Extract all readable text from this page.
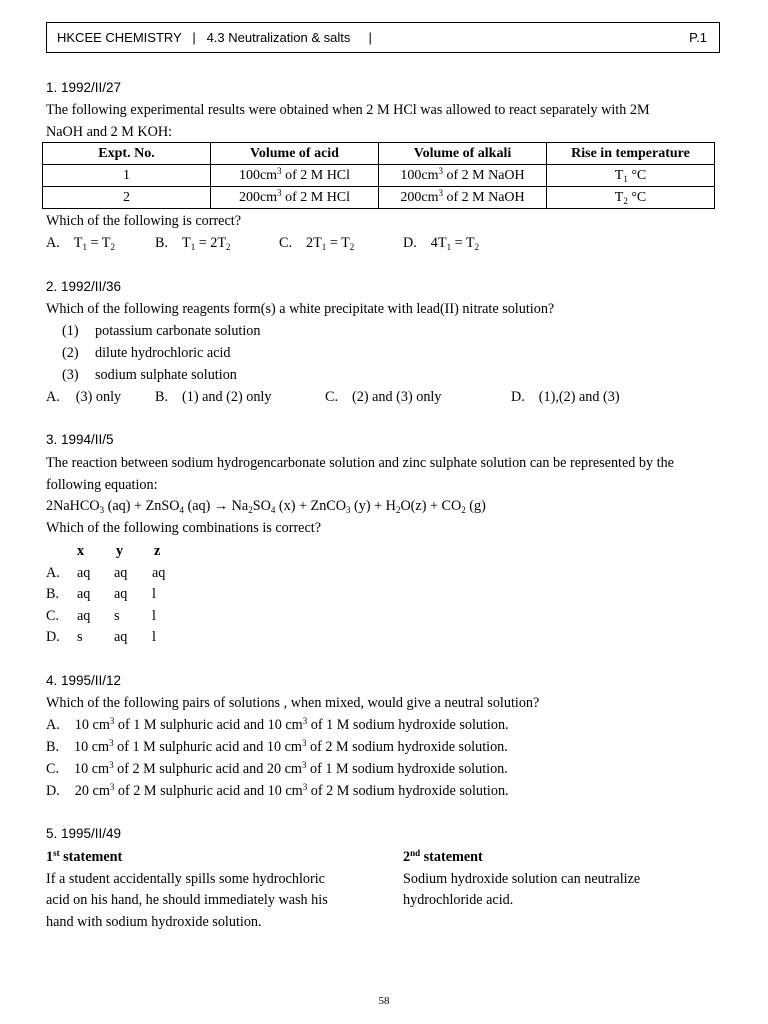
HKCEE CHEMISTRY | 4.3 Neutralization & salts |	P.1
1. 1992/II/27
The following experimental results were obtained when 2 M HCl was allowed to react separately with 2M
NaOH and 2 M KOH:
Expt. No.	Volume of acid	Volume of alkali	Rise in temperature
1	$100cm^3$ of 2 M HCl	$100cm^3$ of 2 M NaOH	$T_1$ °C
2	$200cm^3$ of 2 M HCl	$200cm^3$ of 2 M NaOH	$T_2$ °C
Which of the following is correct?
A. $T_1 = T_2$	B. $T_1 = 2T_2$	C. $2T_1 = T_2$	D. $4T_1 = T_2$
2. 1992/II/36
Which of the following reagents form(s) a white precipitate with lead(II) nitrate solution?
(1) potassium carbonate solution
(2) dilute hydrochloric acid
(3) sodium sulphate solution
A. (3) only B. (1) and (2) only	C. (2) and (3) only	D. (1),(2) and (3)
3. 1994/II/5
The reaction between sodium hydrogencarbonate solution and zinc sulphate solution can be represented by the
following equation:
2NaHCO$_3$ (aq) + ZnSO$_4$ $(aq) \to Na_2SO_4$ (x) + ZnCO$_3$ $(y) + H_2O(z) + CO_2$ (g)
Which of the following combinations is correct?
x y z
A. aq aq aq
B. aq aq l
C. aq s l
D. s aq l
4. 1995/II/12
Which of the following pairs of solutions , when mixed, would give a neutral solution?
A. 10 $cm^3$ of 1 M sulphuric acid and 10 $cm^3$ of 1 M sodium hydroxide solution.
B. 10 $cm^3$ of 1 M sulphuric acid and 10 $cm^3$ of 2 M sodium hydroxide solution.
C. 10 $cm^3$ of 2 M sulphuric acid and 20 $cm^3$ of 1 M sodium hydroxide solution.
D. 20 $cm^3$ of 2 M sulphuric acid and 10 $cm^3$ of 2 M sodium hydroxide solution.
5. 1995/II/49
1st statement
If a student accidentally spills some hydrochloric
acid on his hand, he should immediately wash his
hand with sodium hydroxide solution.
2nd statement
Sodium hydroxide solution can neutralize
hydrochloride acid.
58
